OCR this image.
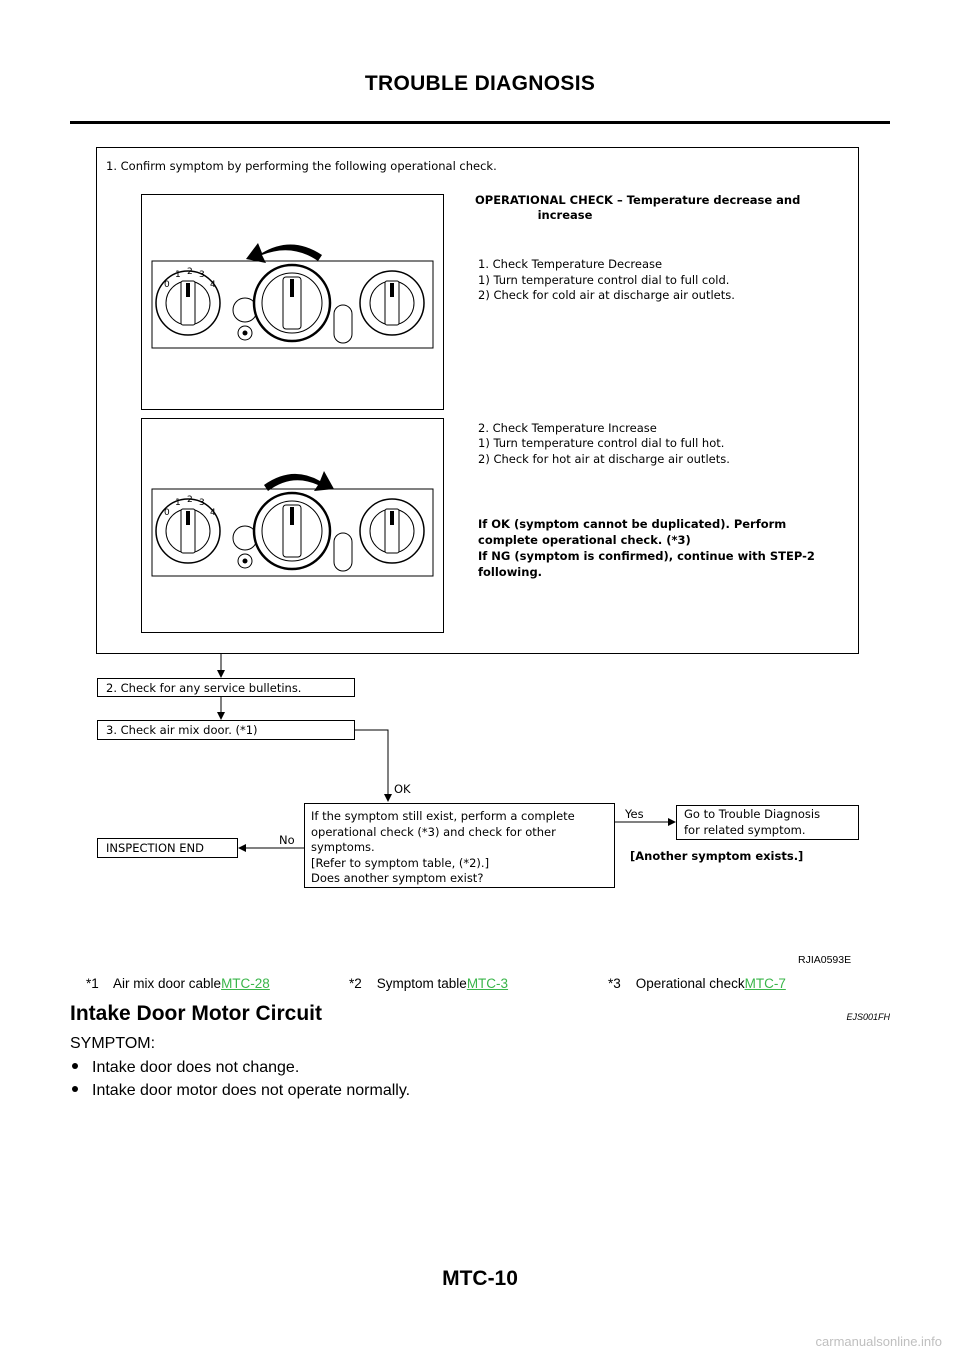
TROUBLE DIAGNOSIS
1. Confirm symptom by performing the following operational check.
0
1 2 3
4
0
1 2 3
4
OPERATIONAL CHECK – Temperature decrease and
increase
1. Check Temperature Decrease
1) Turn temperature control dial to full cold.
2) Check for cold air at discharge air outlets.
2. Check Temperature Increase
1) Turn temperature control dial to full hot.
2) Check for hot air at discharge air outlets.
If OK (symptom cannot be duplicated). Perform
complete operational check. (*3)
If NG (symptom is confirmed), continue with STEP-2
following.
2. Check for any service bulletins.
3. Check air mix door. (*1)
OK
If the symptom still exist, perform a complete
operational check (*3) and check for other
symptoms.
[Refer to symptom table, (*2).]
Does another symptom exist?
Yes	Go to Trouble Diagnosis
for related symptom.
[Another symptom exists.]
No
INSPECTION END
RJIA0593E
*1    Air mix door cableMTC-28	*2    Symptom tableMTC-3	*3    Operational checkMTC-7
Intake Door Motor Circuit	EJS001FH
SYMPTOM:
Intake door does not change.
Intake door motor does not operate normally.
MTC-10
carmanualsonline.info
